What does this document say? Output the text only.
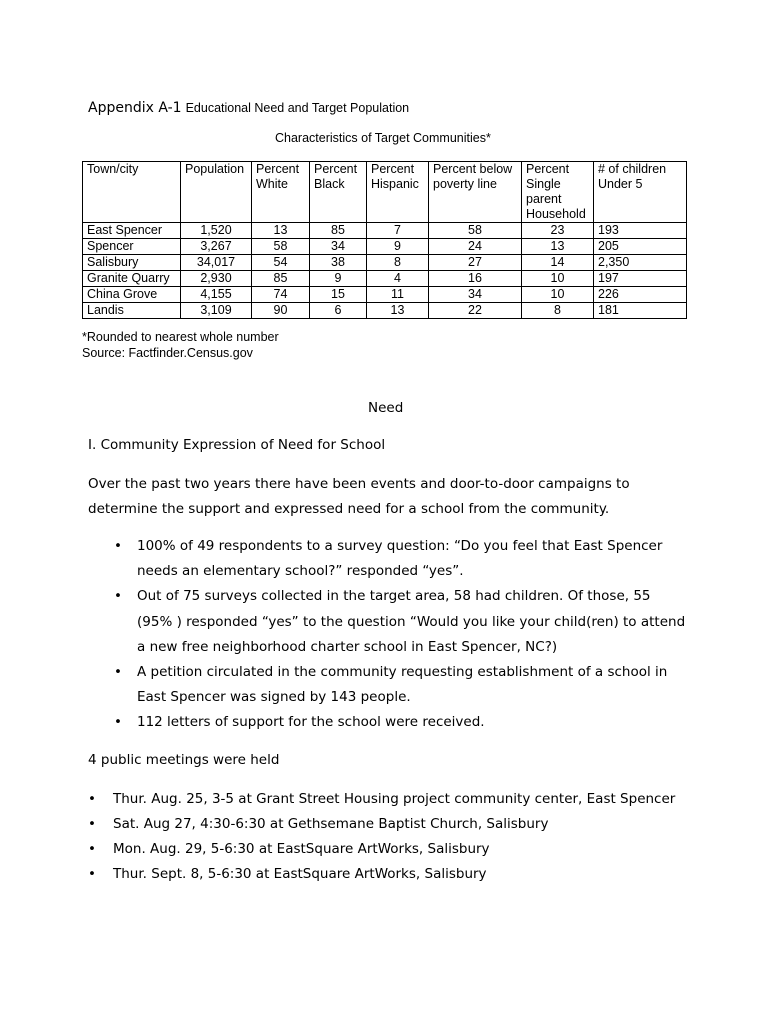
Appendix A-1 Educational Need and Target Population
Characteristics of Target Communities*
Town/city	Population	Percent White	Percent Black	Percent Hispanic	Percent below poverty line	Percent Single parent Household	# of children Under 5
East Spencer	1,520	13	85	7	58	23	193
Spencer	3,267	58	34	9	24	13	205
Salisbury	34,017	54	38	8	27	14	2,350
Granite Quarry	2,930	85	9	4	16	10	197
China Grove	4,155	74	15	11	34	10	226
Landis	3,109	90	6	13	22	8	181
*Rounded to nearest whole number
Source: Factfinder.Census.gov
Need
I. Community Expression of Need for School
Over the past two years there have been events and door-to-door campaigns to
determine the support and expressed need for a school from the community.
• 100% of 49 respondents to a survey question: “Do you feel that East Spencer
needs an elementary school?” responded “yes”.
• Out of 75 surveys collected in the target area, 58 had children. Of those, 55
(95% ) responded “yes” to the question “Would you like your child(ren) to attend
a new free neighborhood charter school in East Spencer, NC?)
• A petition circulated in the community requesting establishment of a school in
East Spencer was signed by 143 people.
• 112 letters of support for the school were received.
4 public meetings were held
• Thur. Aug. 25, 3-5 at Grant Street Housing project community center, East Spencer
• Sat. Aug 27, 4:30-6:30 at Gethsemane Baptist Church, Salisbury
• Mon. Aug. 29, 5-6:30 at EastSquare ArtWorks, Salisbury
• Thur. Sept. 8, 5-6:30 at EastSquare ArtWorks, Salisbury
